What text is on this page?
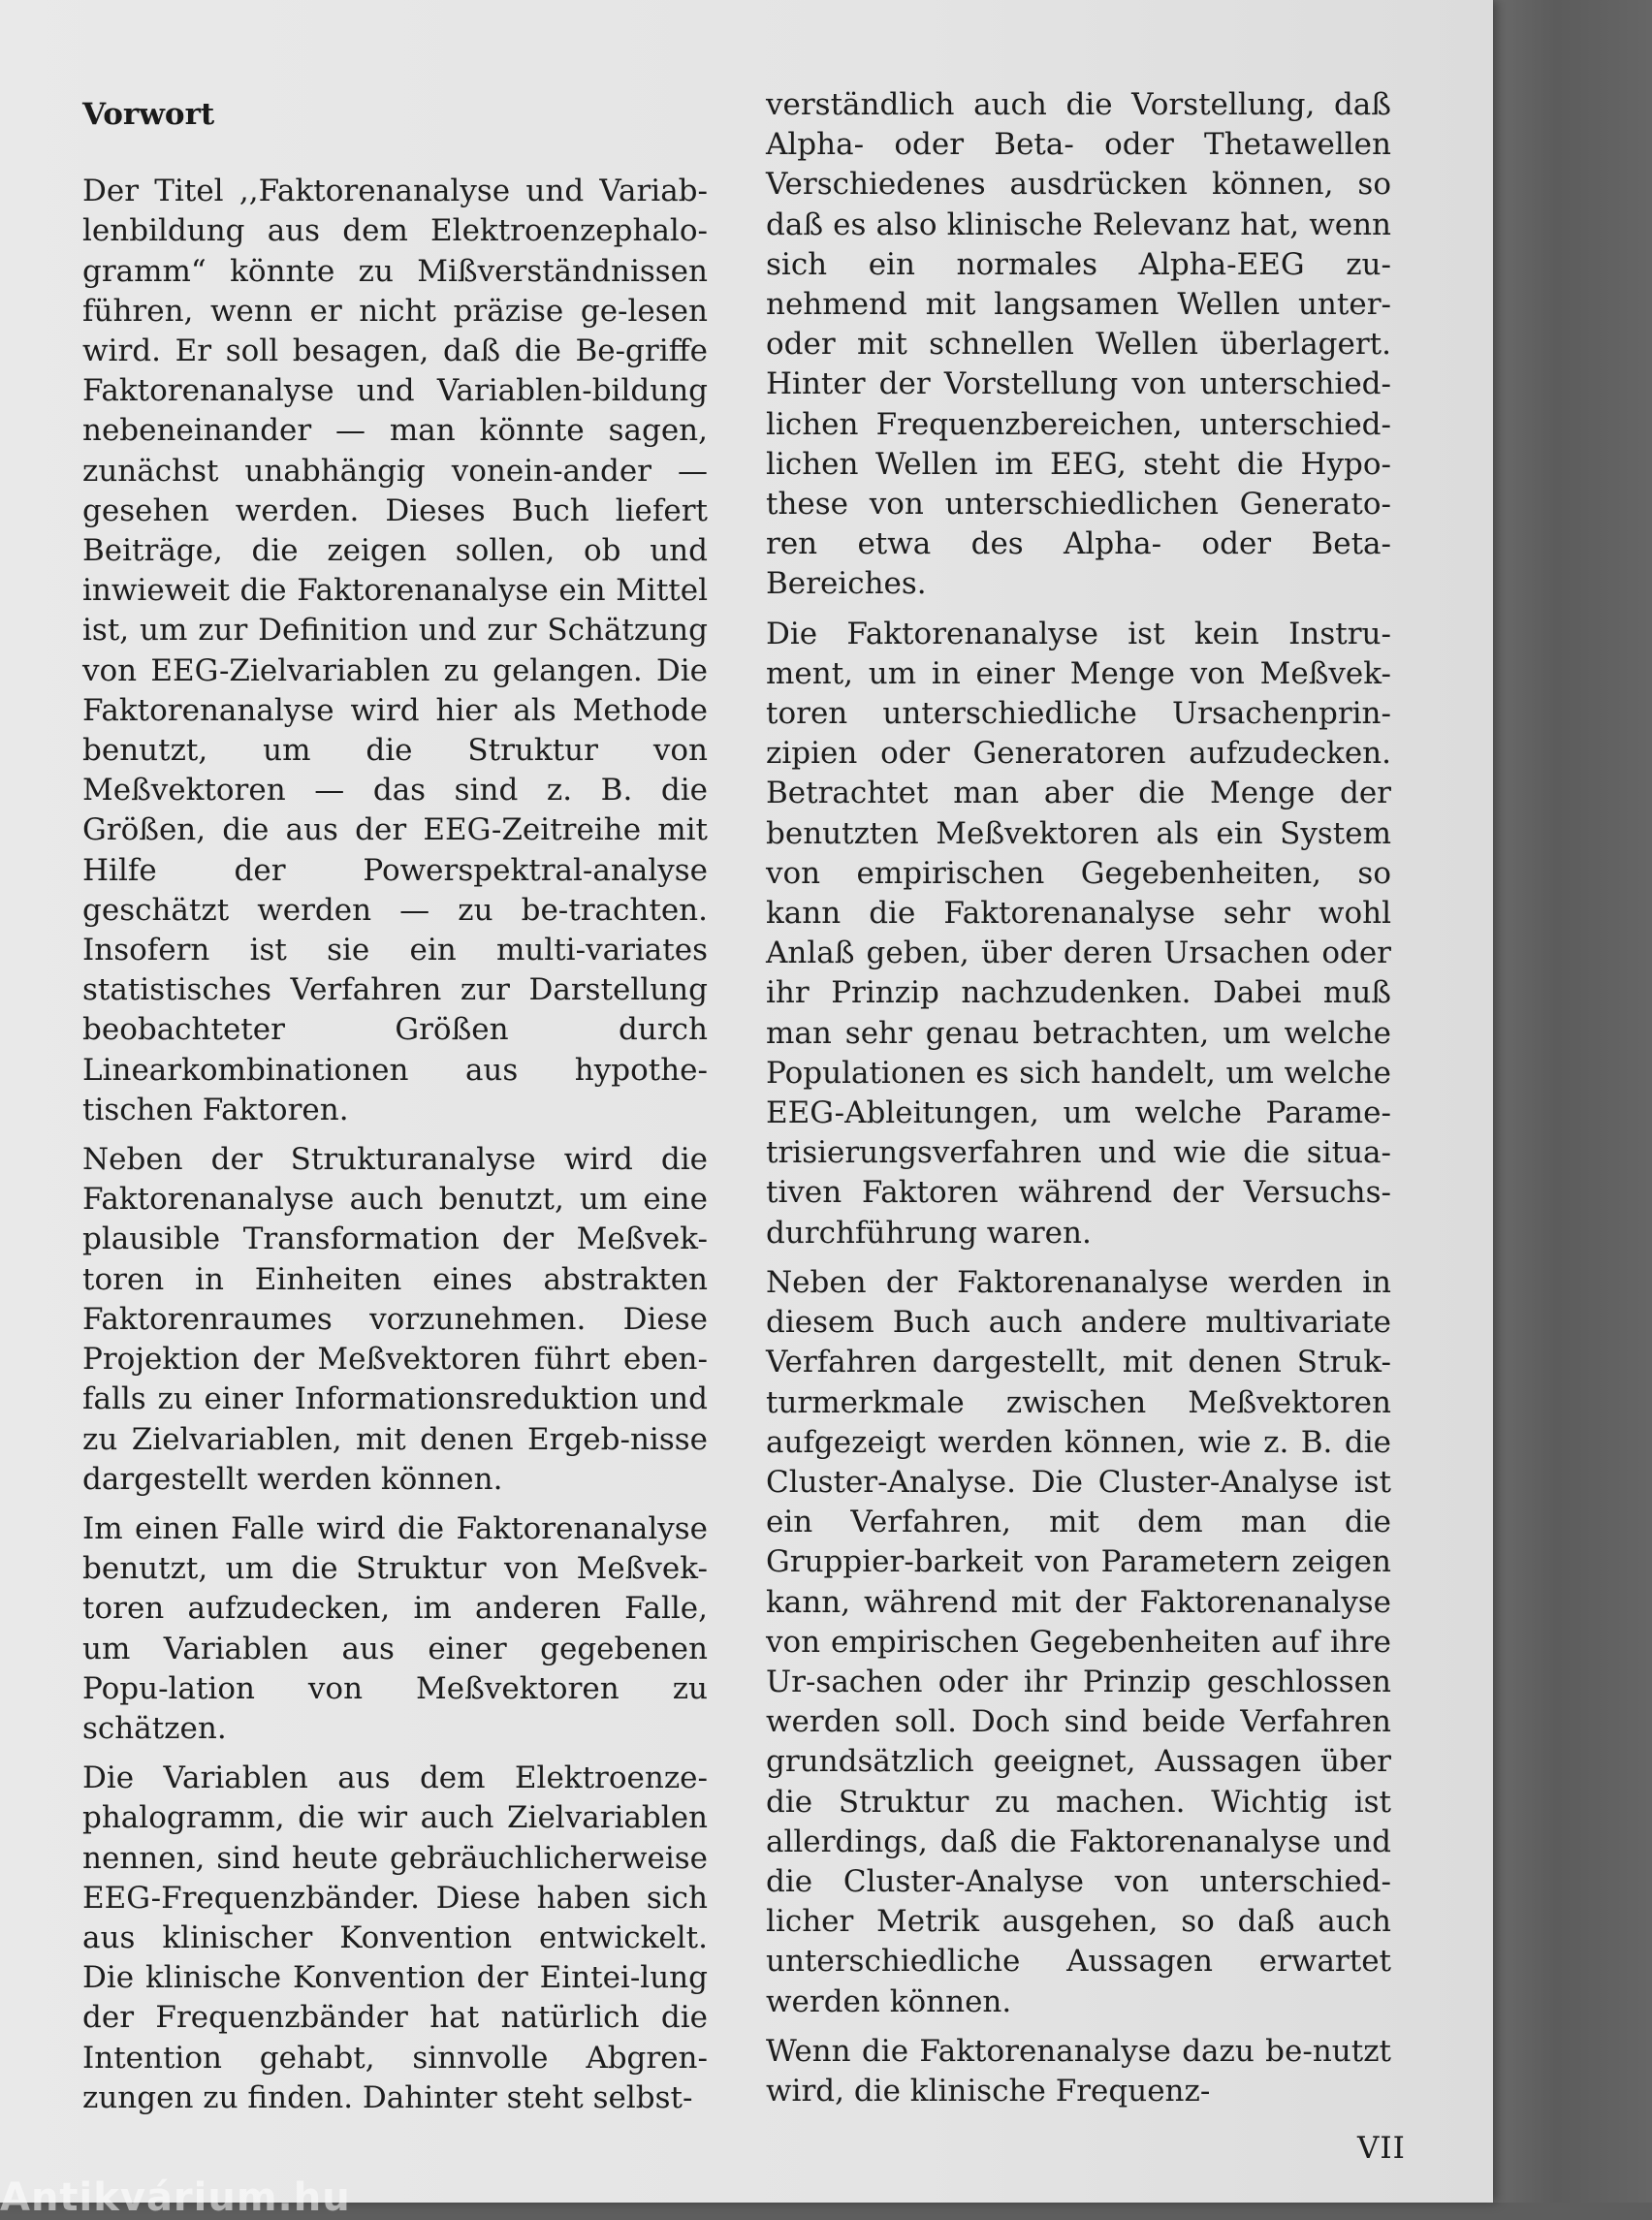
Vorwort

Der Titel ,,Faktorenanalyse und Variab-lenbildung aus dem Elektroenzephalo-gramm“ könnte zu Mißverständnissen führen, wenn er nicht präzise ge-lesen wird. Er soll besagen, daß die Be-griffe Faktorenanalyse und Variablen-bildung nebeneinander — man könnte sagen, zunächst unabhängig vonein-ander — gesehen werden. Dieses Buch liefert Beiträge, die zeigen sollen, ob und inwieweit die Faktorenanalyse ein Mittel ist, um zur Definition und zur Schätzung von EEG-Zielvariablen zu gelangen. Die Faktorenanalyse wird hier als Methode benutzt, um die Struktur von Meßvektoren — das sind z. B. die Größen, die aus der EEG-Zeitreihe mit Hilfe der Powerspektral-analyse geschätzt werden — zu be-trachten. Insofern ist sie ein multi-variates statistisches Verfahren zur Darstellung beobachteter Größen durch Linearkombinationen aus hypothe-tischen Faktoren.

Neben der Strukturanalyse wird die Faktorenanalyse auch benutzt, um eine plausible Transformation der Meßvek-toren in Einheiten eines abstrakten Faktorenraumes vorzunehmen. Diese Projektion der Meßvektoren führt eben-falls zu einer Informationsreduktion und zu Zielvariablen, mit denen Ergeb-nisse dargestellt werden können.

Im einen Falle wird die Faktorenanalyse benutzt, um die Struktur von Meßvek-toren aufzudecken, im anderen Falle, um Variablen aus einer gegebenen Popu-lation von Meßvektoren zu schätzen.

Die Variablen aus dem Elektroenze-phalogramm, die wir auch Zielvariablen nennen, sind heute gebräuchlicherweise EEG-Frequenzbänder. Diese haben sich aus klinischer Konvention entwickelt. Die klinische Konvention der Eintei-lung der Frequenzbänder hat natürlich die Intention gehabt, sinnvolle Abgren-zungen zu finden. Dahinter steht selbst-

verständlich auch die Vorstellung, daß Alpha- oder Beta- oder Thetawellen Verschiedenes ausdrücken können, so daß es also klinische Relevanz hat, wenn sich ein normales Alpha-EEG zu-nehmend mit langsamen Wellen unter-oder mit schnellen Wellen überlagert. Hinter der Vorstellung von unterschied-lichen Frequenzbereichen, unterschied-lichen Wellen im EEG, steht die Hypo-these von unterschiedlichen Generato-ren etwa des Alpha- oder Beta-Bereiches.

Die Faktorenanalyse ist kein Instru-ment, um in einer Menge von Meßvek-toren unterschiedliche Ursachenprin-zipien oder Generatoren aufzudecken. Betrachtet man aber die Menge der benutzten Meßvektoren als ein System von empirischen Gegebenheiten, so kann die Faktorenanalyse sehr wohl Anlaß geben, über deren Ursachen oder ihr Prinzip nachzudenken. Dabei muß man sehr genau betrachten, um welche Populationen es sich handelt, um welche EEG-Ableitungen, um welche Parame-trisierungsverfahren und wie die situa-tiven Faktoren während der Versuchs-durchführung waren.

Neben der Faktorenanalyse werden in diesem Buch auch andere multivariate Verfahren dargestellt, mit denen Struk-turmerkmale zwischen Meßvektoren aufgezeigt werden können, wie z. B. die Cluster-Analyse. Die Cluster-Analyse ist ein Verfahren, mit dem man die Gruppier-barkeit von Parametern zeigen kann, während mit der Faktorenanalyse von empirischen Gegebenheiten auf ihre Ur-sachen oder ihr Prinzip geschlossen werden soll. Doch sind beide Verfahren grundsätzlich geeignet, Aussagen über die Struktur zu machen. Wichtig ist allerdings, daß die Faktorenanalyse und die Cluster-Analyse von unterschied-licher Metrik ausgehen, so daß auch unterschiedliche Aussagen erwartet werden können.

Wenn die Faktorenanalyse dazu be-nutzt wird, die klinische Frequenz-

VII
Antikvárium.hu
